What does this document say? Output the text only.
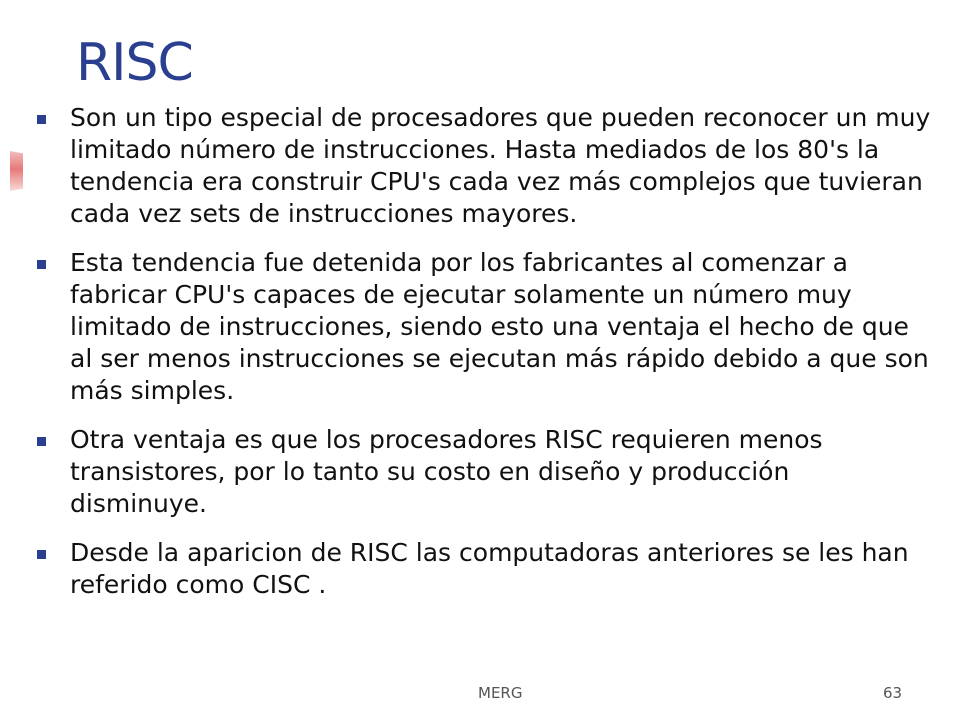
RISC
Son un tipo especial de procesadores que pueden reconocer un muy limitado número de instrucciones. Hasta mediados de los 80's la tendencia era construir CPU's cada vez más complejos que tuvieran cada vez sets de instrucciones mayores.
Esta tendencia fue detenida por los fabricantes al comenzar a fabricar CPU's capaces de ejecutar solamente un número muy limitado de instrucciones, siendo esto una ventaja el hecho de que al ser menos instrucciones se ejecutan más rápido debido a que son más simples.
Otra ventaja es que los procesadores RISC requieren menos transistores, por lo tanto su costo en diseño y producción disminuye.
Desde la aparicion de RISC las computadoras anteriores se les han referido como CISC .
MERG	63
